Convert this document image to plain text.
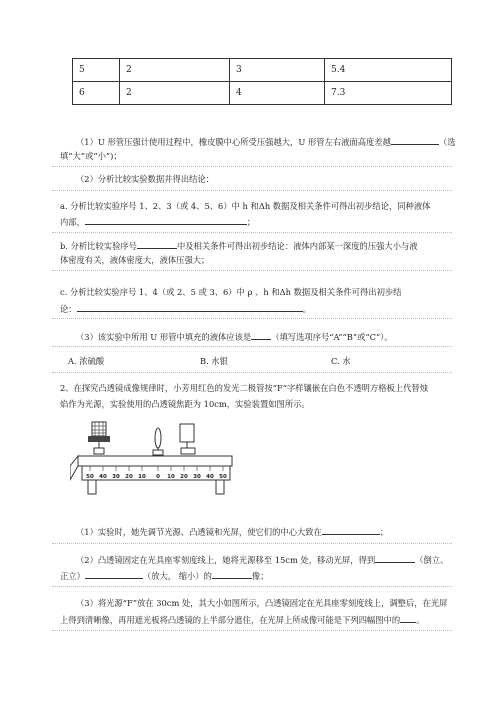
5	2	3	5.4
6	2	4	7.3
（1）U 形管压强计使用过程中，橡皮膜中心所受压强越大，U 形管左右液面高度差越	（选
填“大”或“小”)；
（2）分析比较实验数据并得出结论：
a. 分析比较实验序号 1、2、3（或 4、5、6）中 h 和Δh 数据及相关条件可得出初步结论，同种液体
内部，	；
b. 分析比较实验序号	中及相关条件可得出初步结论：液体内部某一深度的压强大小与液
体密度有关，液体密度大，液体压强大；
c. 分析比较实验序号 1、4（或 2、5 或 3、6）中 ρ 、h 和Δh 数据及相关条件可得出初步结
论：	。
（3）该实验中所用 U 形管中填充的液体应该是 （填写选项序号“A”“B”或“C”）。
A. 浓硫酸	B. 水银	C. 水
2、在探究凸透镜成像规律时，小芳用红色的发光二极管按“F”字样镶嵌在白色不透明方格板上代替烛
焰作为光源，实验使用的凸透镜焦距为 10cm，实验装置如图所示。
50 40 30 20 10 0 10 20 30 40 50
（1）实验时，她先调节光源、凸透镜和光屏，使它们的中心大致在	；
（2）凸透镜固定在光具座零刻度线上，她将光源移至 15cm 处，移动光屏，得到	（倒立、
正立）	（放大， 缩小）的	像；
（3）将光源“F”放在 30cm 处，其大小如图所示，凸透镜固定在光具座零刻度线上，调整后，在光屏
上得到清晰像，再用遮光板将凸透镜的上半部分遮住，在光屏上所成像可能是下列四幅图中的 。
